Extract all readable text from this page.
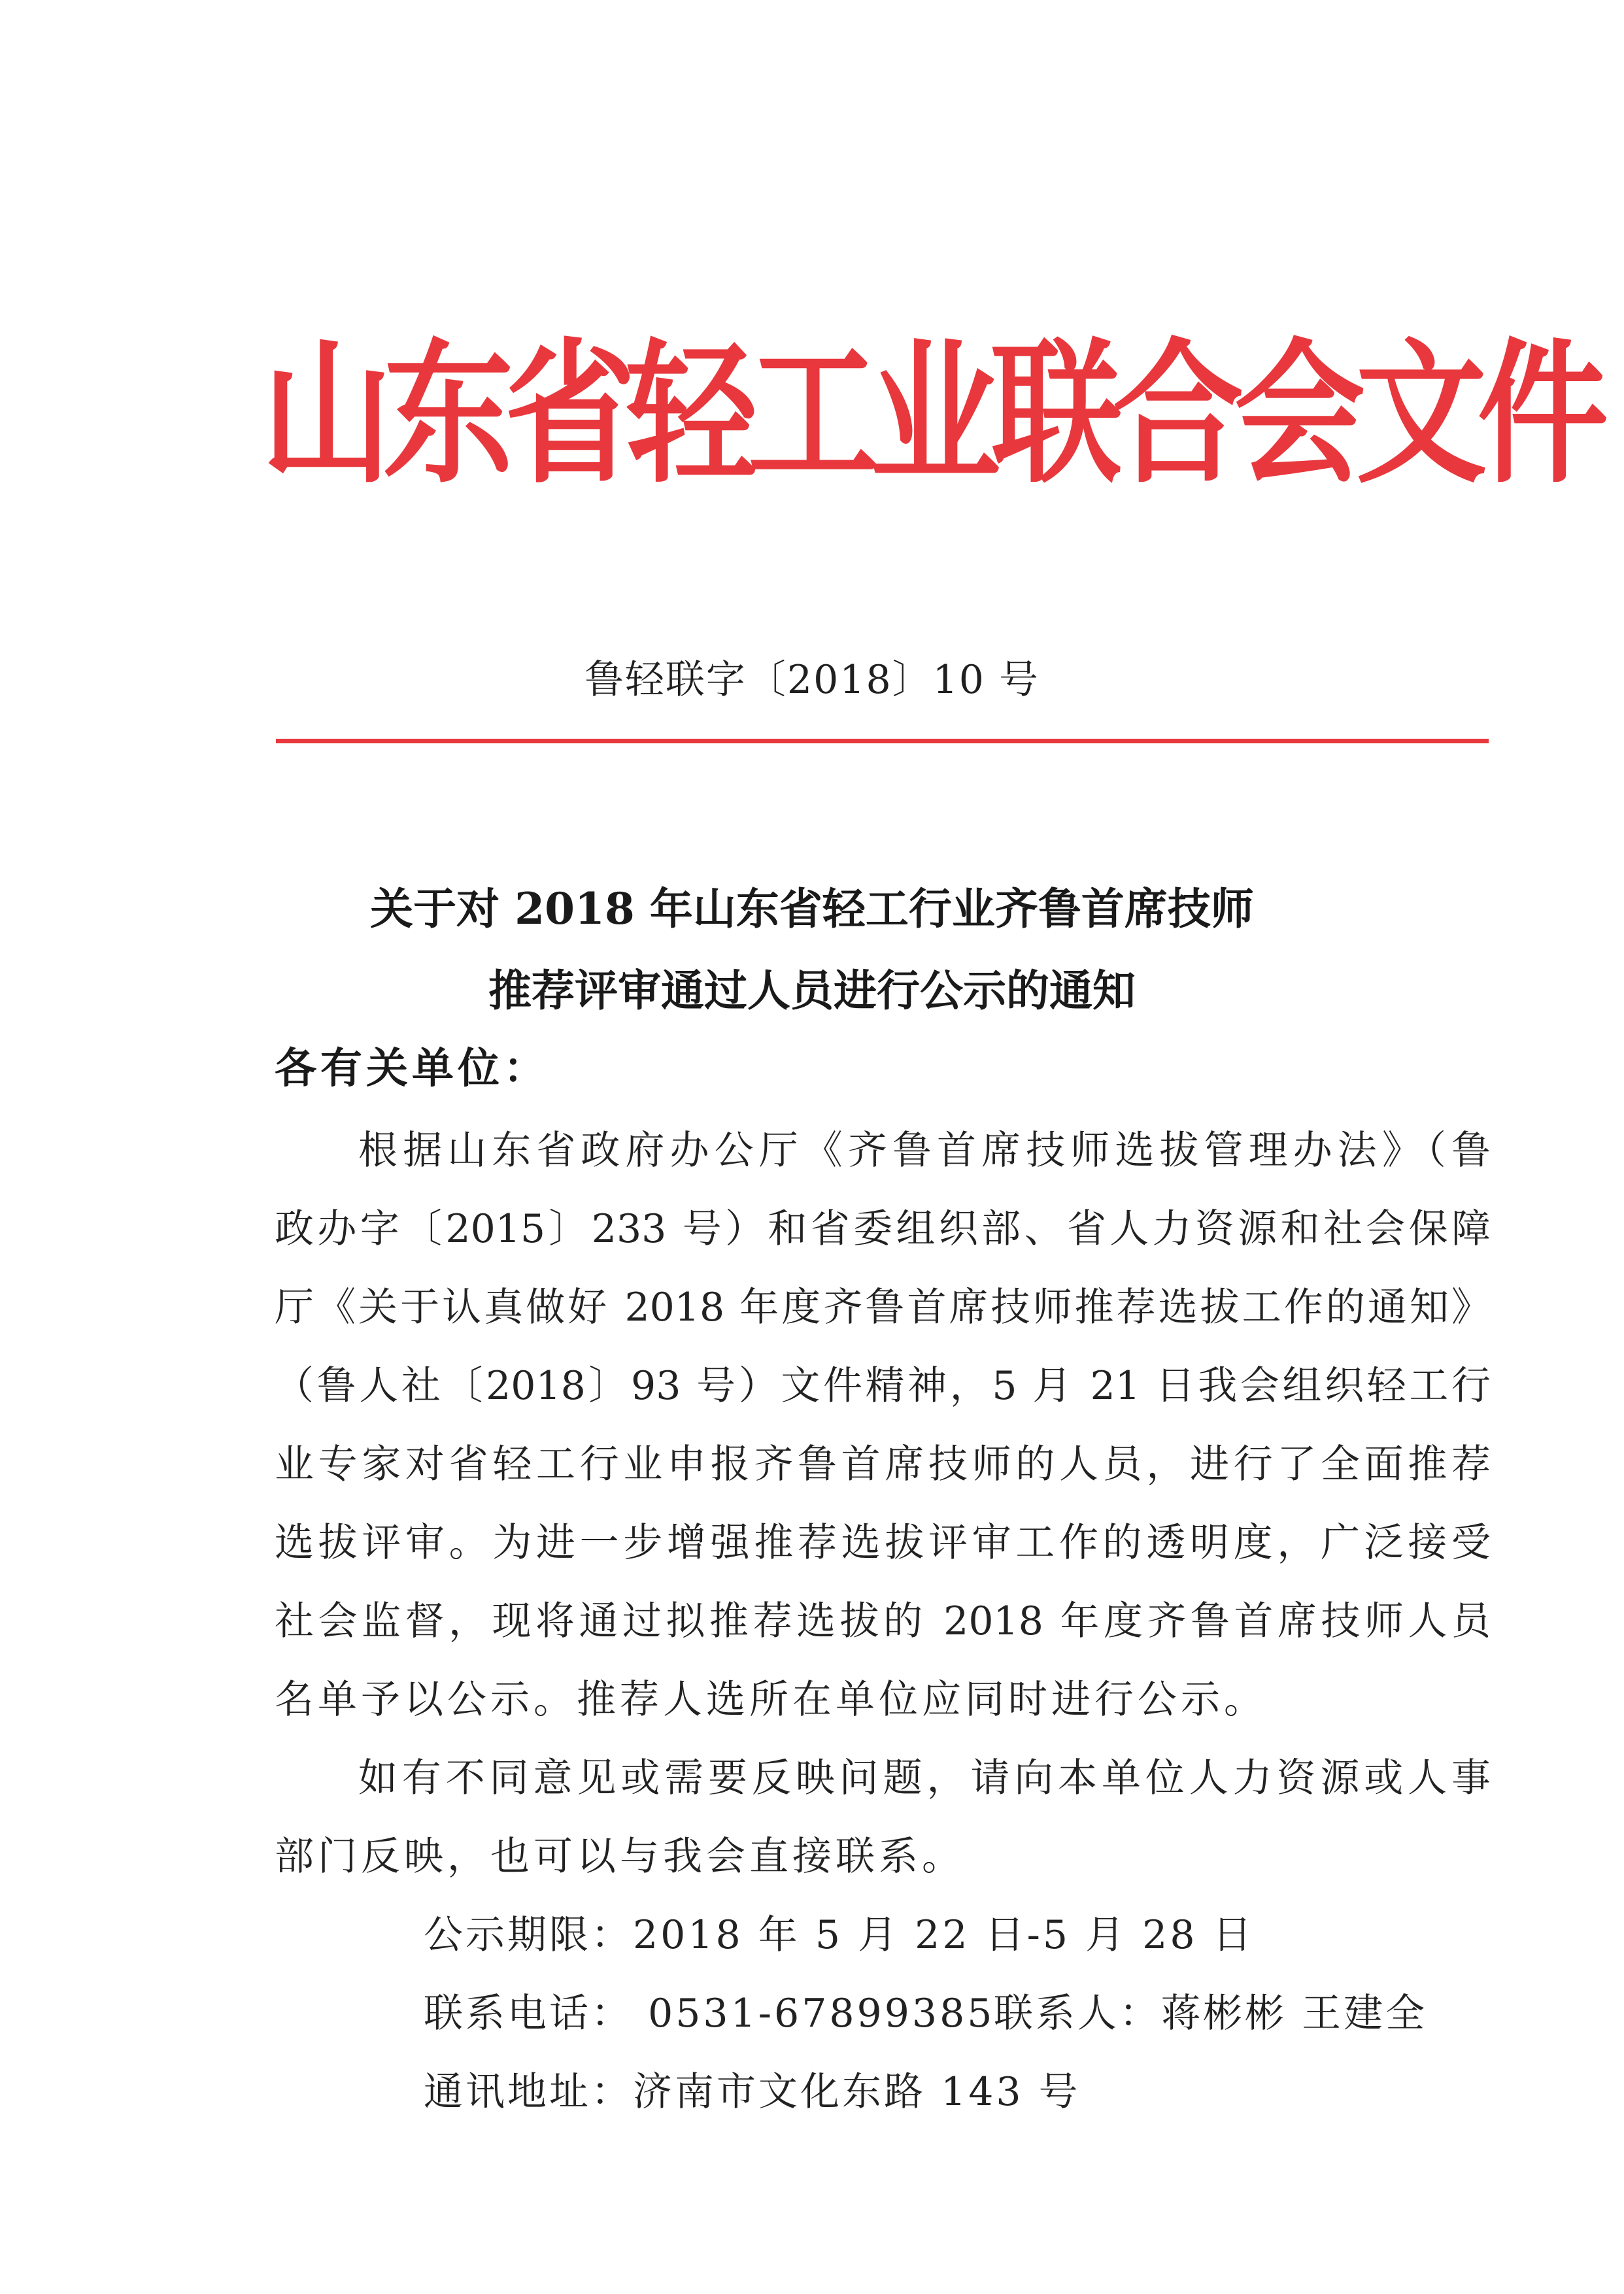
山东省轻工业联合会文件
鲁轻联字〔2018〕10 号
关于对 2018 年山东省轻工行业齐鲁首席技师
推荐评审通过人员进行公示的通知
各有关单位：
根据山东省政府办公厅《齐鲁首席技师选拔管理办法》（鲁
政办字〔2015〕233 号）和省委组织部、省人力资源和社会保障
厅《关于认真做好 2018 年度齐鲁首席技师推荐选拔工作的通知》
（鲁人社〔2018〕93 号）文件精神，5 月 21 日我会组织轻工行
业专家对省轻工行业申报齐鲁首席技师的人员，进行了全面推荐
选拔评审。为进一步增强推荐选拔评审工作的透明度，广泛接受
社会监督，现将通过拟推荐选拔的 2018 年度齐鲁首席技师人员
名单予以公示。推荐人选所在单位应同时进行公示。
如有不同意见或需要反映问题，请向本单位人力资源或人事
部门反映，也可以与我会直接联系。
公示期限：2018 年 5 月 22 日-5 月 28 日
联系电话： 0531-67899385
联系人：蒋彬彬 王建全
通讯地址：济南市文化东路 143 号
